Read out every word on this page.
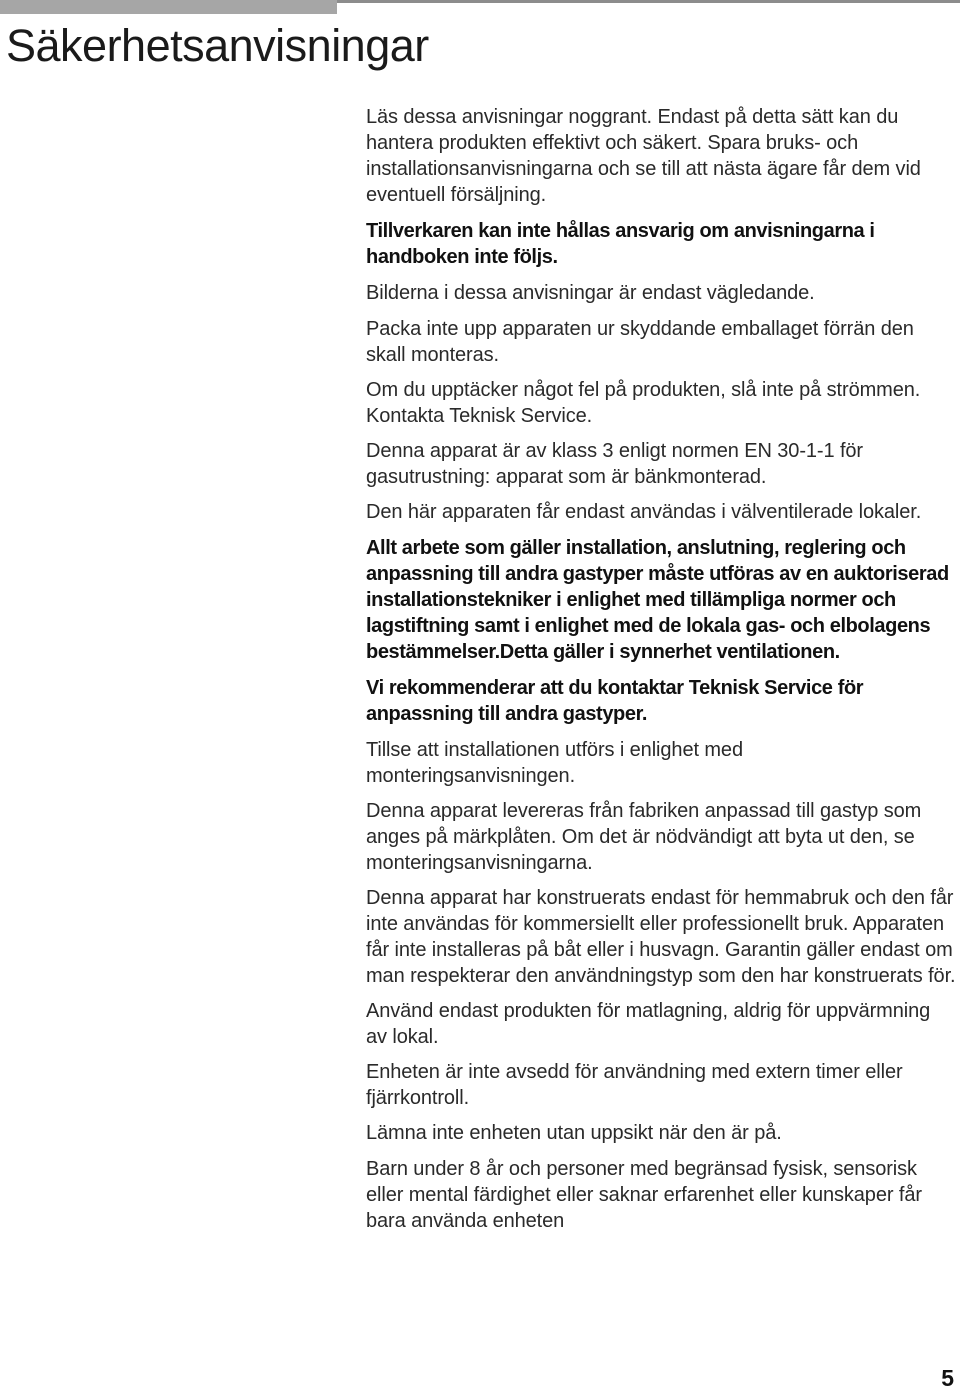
Säkerhetsanvisningar

Läs dessa anvisningar noggrant. Endast på detta sätt kan du hantera produkten effektivt och säkert. Spara bruks- och installationsanvisningarna och se till att nästa ägare får dem vid eventuell försäljning.

Tillverkaren kan inte hållas ansvarig om anvisningarna i handboken inte följs.

Bilderna i dessa anvisningar är endast vägledande.

Packa inte upp apparaten ur skyddande emballaget förrän den skall monteras.

Om du upptäcker något fel på produkten, slå inte på strömmen. Kontakta Teknisk Service.

Denna apparat är av klass 3 enligt normen EN 30-1-1 för gasutrustning: apparat som är bänkmonterad.

Den här apparaten får endast användas i välventilerade lokaler.

Allt arbete som gäller installation, anslutning, reglering och anpassning till andra gastyper måste utföras av en auktoriserad installationstekniker i enlighet med tillämpliga normer och lagstiftning samt i enlighet med de lokala gas- och elbolagens bestämmelser.Detta gäller i synnerhet ventilationen.

Vi rekommenderar att du kontaktar Teknisk Service för anpassning till andra gastyper.

Tillse att installationen utförs i enlighet med monteringsanvisningen.

Denna apparat levereras från fabriken anpassad till gastyp som anges på märkplåten. Om det är nödvändigt att byta ut den, se monteringsanvisningarna.

Denna apparat har konstruerats endast för hemmabruk och den får inte användas för kommersiellt eller professionellt bruk. Apparaten får inte installeras på båt eller i husvagn. Garantin gäller endast om man respekterar den användningstyp som den har konstruerats för.

Använd endast produkten för matlagning, aldrig för uppvärmning av lokal.

Enheten är inte avsedd för användning med extern timer eller fjärrkontroll.

Lämna inte enheten utan uppsikt när den är på.

Barn under 8 år och personer med begränsad fysisk, sensorisk eller mental färdighet eller saknar erfarenhet eller kunskaper får bara använda enheten

5
